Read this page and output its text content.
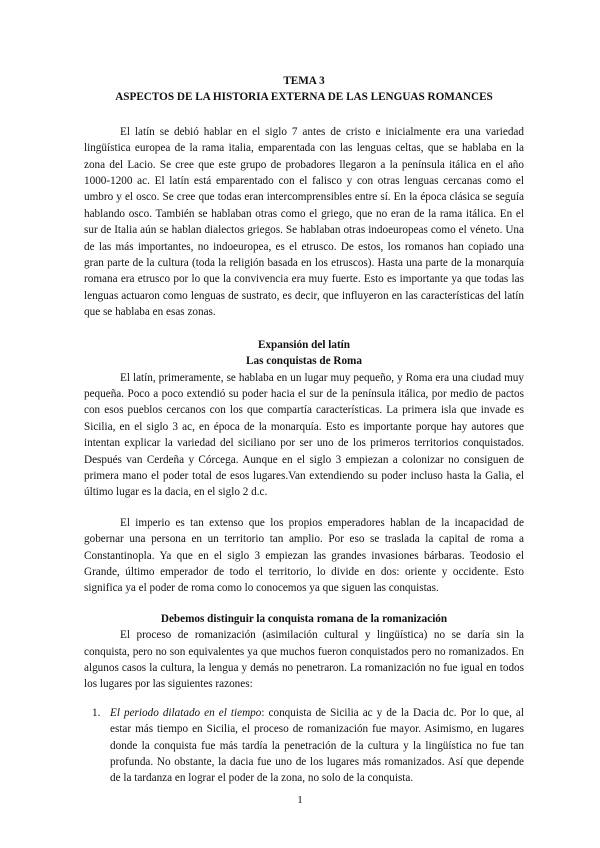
TEMA 3

ASPECTOS DE LA HISTORIA EXTERNA DE LAS LENGUAS ROMANCES

El latín se debió hablar en el siglo 7 antes de cristo e inicialmente era una variedad lingüística europea de la rama italia, emparentada con las lenguas celtas, que se hablaba en la zona del Lacio. Se cree que este grupo de probadores llegaron a la península itálica en el año 1000-1200 ac. El latín está emparentado con el falisco y con otras lenguas cercanas como el umbro y el osco. Se cree que todas eran intercomprensibles entre sí. En la época clásica se seguía hablando osco. También se hablaban otras como el griego, que no eran de la rama itálica. En el sur de Italia aún se hablan dialectos griegos. Se hablaban otras indoeuropeas como el véneto. Una de las más importantes, no indoeuropea, es el etrusco. De estos, los romanos han copiado una gran parte de la cultura (toda la religión basada en los etruscos). Hasta una parte de la monarquía romana era etrusco por lo que la convivencia era muy fuerte. Esto es importante ya que todas las lenguas actuaron como lenguas de sustrato, es decir, que influyeron en las características del latín que se hablaba en esas zonas.

Expansión del latín

Las conquistas de Roma

El latín, primeramente, se hablaba en un lugar muy pequeño, y Roma era una ciudad muy pequeña. Poco a poco extendió su poder hacia el sur de la península itálica, por medio de pactos con esos pueblos cercanos con los que compartía características. La primera isla que invade es Sicilia, en el siglo 3 ac, en época de la monarquía. Esto es importante porque hay autores que intentan explicar la variedad del siciliano por ser uno de los primeros territorios conquistados. Después van Cerdeña y Córcega. Aunque en el siglo 3 empiezan a colonizar no consiguen de primera mano el poder total de esos lugares.Van extendiendo su poder incluso hasta la Galia, el último lugar es la dacia, en el siglo 2 d.c.

El imperio es tan extenso que los propios emperadores hablan de la incapacidad de gobernar una persona en un territorio tan amplio. Por eso se traslada la capital de roma a Constantinopla. Ya que en el siglo 3 empiezan las grandes invasiones bárbaras. Teodosio el Grande, último emperador de todo el territorio, lo divide en dos: oriente y occidente. Esto significa ya el poder de roma como lo conocemos ya que siguen las conquistas.

Debemos distinguir la conquista romana de la romanización

El proceso de romanización (asimilación cultural y lingüística) no se daría sin la conquista, pero no son equivalentes ya que muchos fueron conquistados pero no romanizados. En algunos casos la cultura, la lengua y demás no penetraron. La romanización no fue igual en todos los lugares por las siguientes razones:

1. El periodo dilatado en el tiempo: conquista de Sicilia ac y de la Dacia dc. Por lo que, al estar más tiempo en Sicilia, el proceso de romanización fue mayor. Asimismo, en lugares donde la conquista fue más tardía la penetración de la cultura y la lingüística no fue tan profunda. No obstante, la dacia fue uno de los lugares más romanizados. Así que depende de la tardanza en lograr el poder de la zona, no solo de la conquista.
1
